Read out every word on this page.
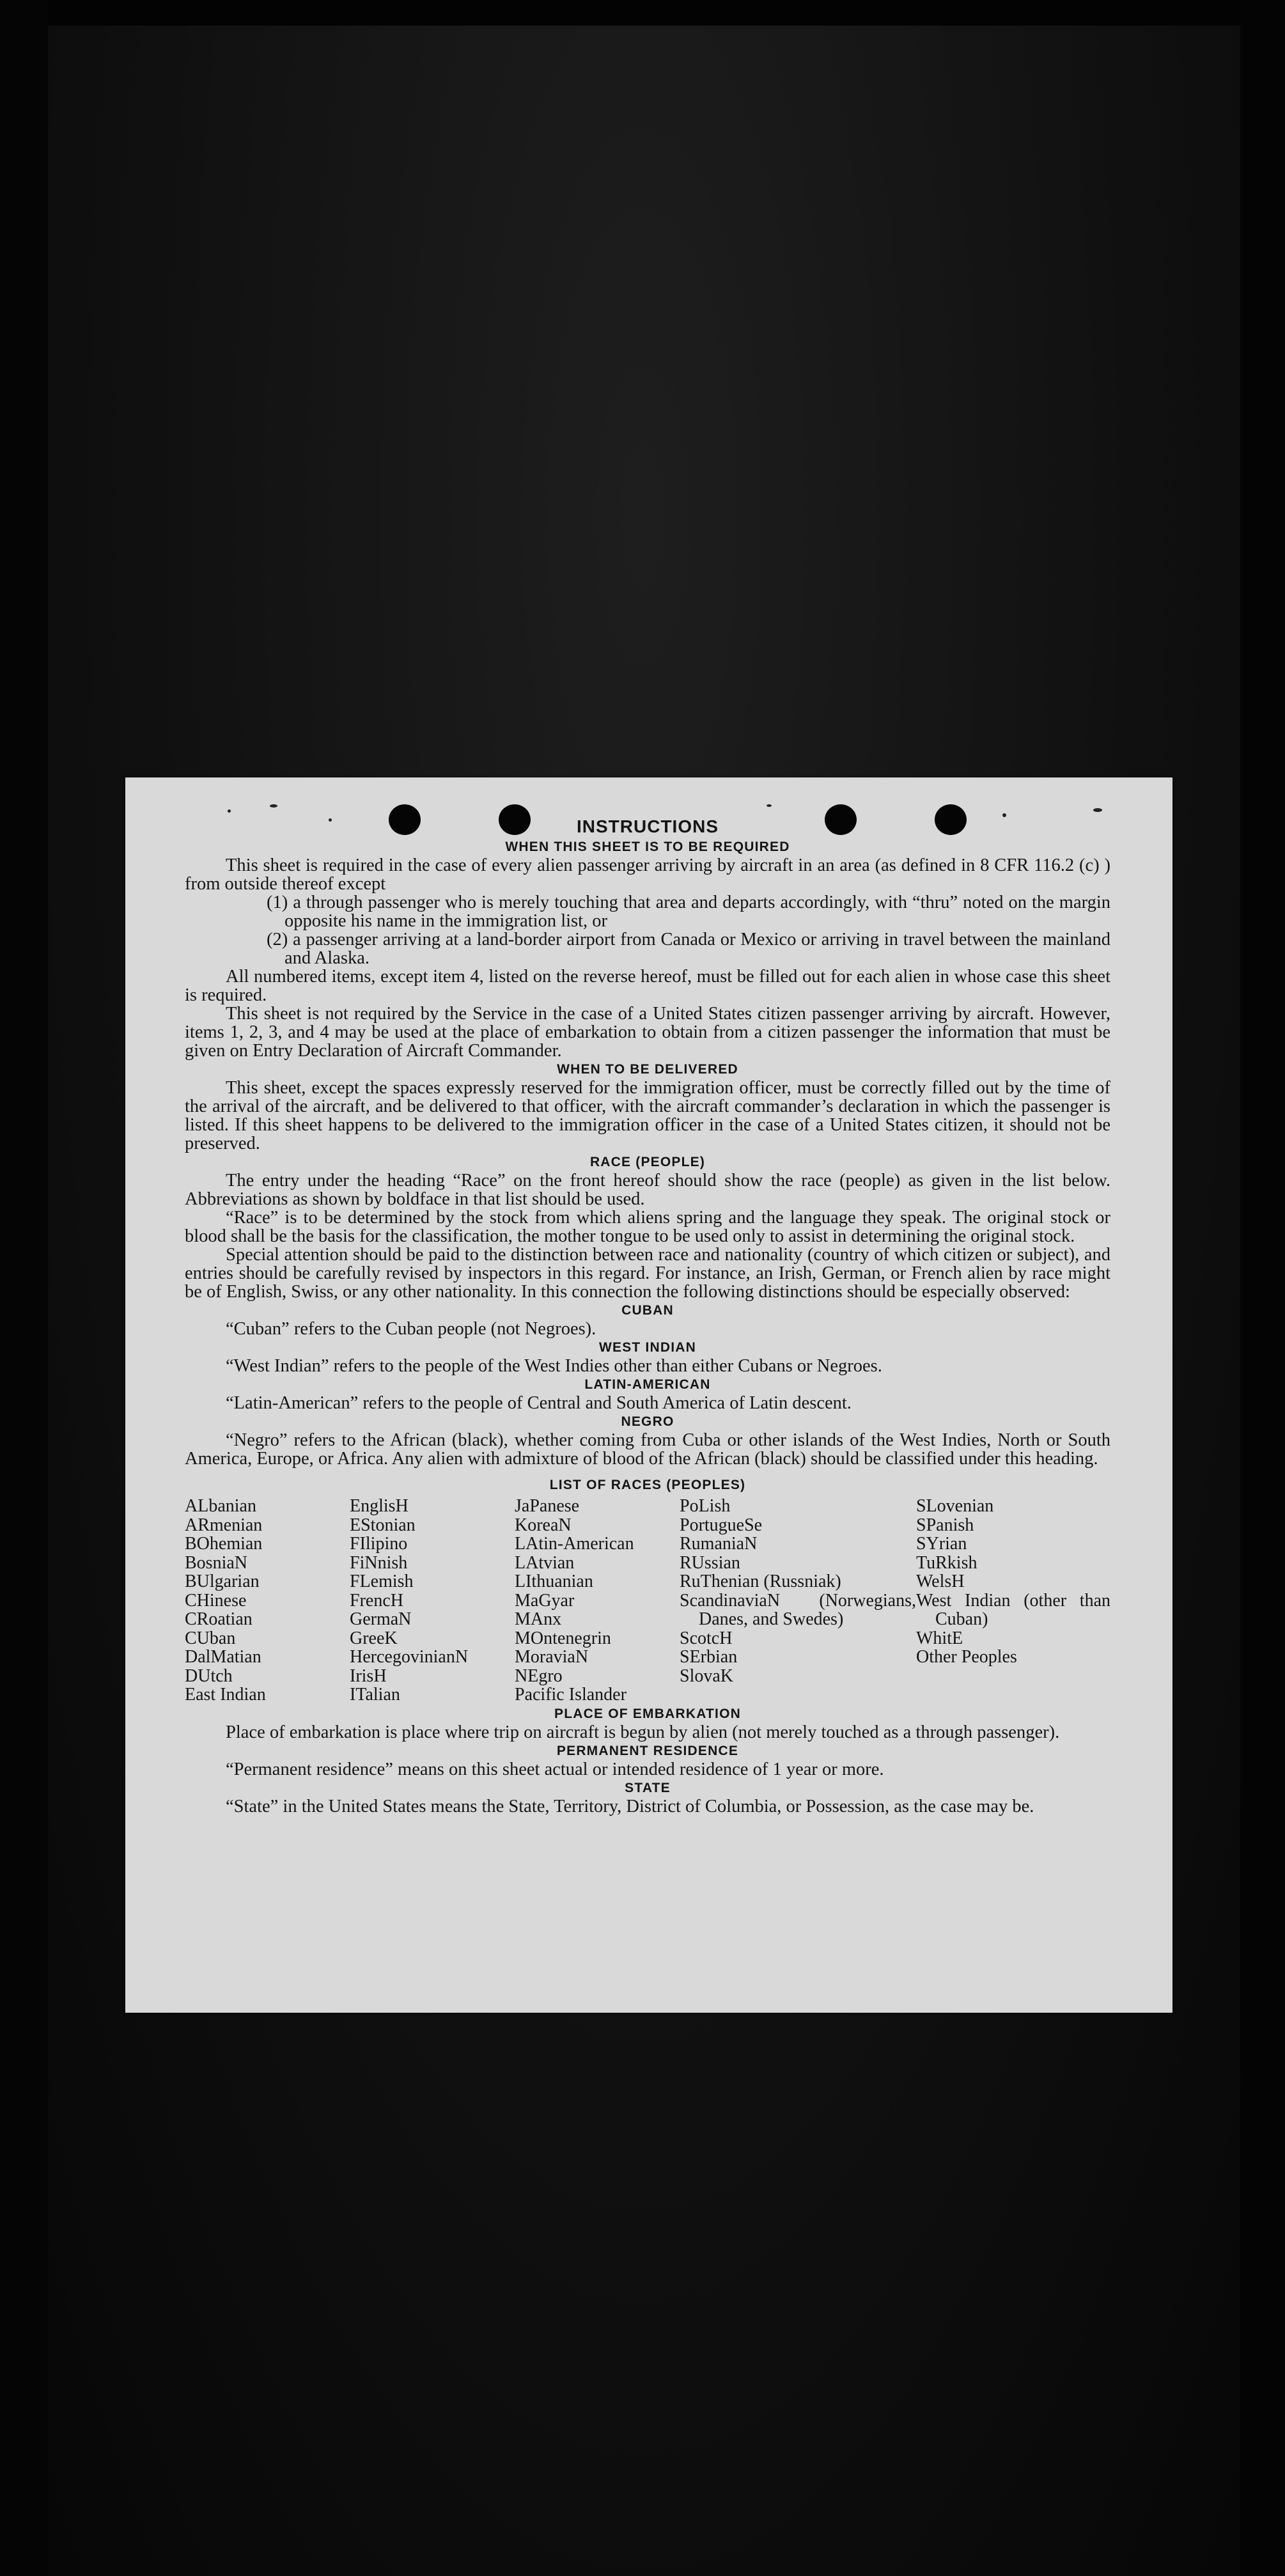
INSTRUCTIONS
WHEN THIS SHEET IS TO BE REQUIRED

This sheet is required in the case of every alien passenger arriving by aircraft in an area (as defined in 8 CFR 116.2 (c) ) from outside thereof except

(1) a through passenger who is merely touching that area and departs accordingly, with “thru” noted on the margin opposite his name in the immigration list, or
(2) a passenger arriving at a land-border airport from Canada or Mexico or arriving in travel between the mainland and Alaska.

All numbered items, except item 4, listed on the reverse hereof, must be filled out for each alien in whose case this sheet is required.

This sheet is not required by the Service in the case of a United States citizen passenger arriving by aircraft. However, items 1, 2, 3, and 4 may be used at the place of embarkation to obtain from a citizen passenger the information that must be given on Entry Declaration of Aircraft Commander.

WHEN TO BE DELIVERED

This sheet, except the spaces expressly reserved for the immigration officer, must be correctly filled out by the time of the arrival of the aircraft, and be delivered to that officer, with the aircraft commander’s declaration in which the passenger is listed. If this sheet happens to be delivered to the immigration officer in the case of a United States citizen, it should not be preserved.

RACE (PEOPLE)

The entry under the heading “Race” on the front hereof should show the race (people) as given in the list below. Abbreviations as shown by boldface in that list should be used.

“Race” is to be determined by the stock from which aliens spring and the language they speak. The original stock or blood shall be the basis for the classification, the mother tongue to be used only to assist in determining the original stock.

Special attention should be paid to the distinction between race and nationality (country of which citizen or subject), and entries should be carefully revised by inspectors in this regard. For instance, an Irish, German, or French alien by race might be of English, Swiss, or any other nationality. In this connection the following distinctions should be especially observed:

CUBAN

“Cuban” refers to the Cuban people (not Negroes).

WEST INDIAN

“West Indian” refers to the people of the West Indies other than either Cubans or Negroes.

LATIN-AMERICAN

“Latin-American” refers to the people of Central and South America of Latin descent.

NEGRO

“Negro” refers to the African (black), whether coming from Cuba or other islands of the West Indies, North or South America, Europe, or Africa. Any alien with admixture of blood of the African (black) should be classified under this heading.

LIST OF RACES (PEOPLES)
ALbanian
ARmenian
BOhemian
BosniaN
BUlgarian
CHinese
CRoatian
CUban
DalMatian
DUtch
East Indian
EnglisH
EStonian
FIlipino
FiNnish
FLemish
FrencH
GermaN
GreeK
HercegovinianN
IrisH
ITalian
JaPanese
KoreaN
LAtin-American
LAtvian
LIthuanian
MaGyar
MAnx
MOntenegrin
MoraviaN
NEgro
Pacific Islander
PoLish
PortugueSe
RumaniaN
RUssian
RuThenian (Russniak)
ScandinaviaN (Norwegians, Danes, and Swedes)
ScotcH
SErbian
SlovaK
SLovenian
SPanish
SYrian
TuRkish
WelsH
West Indian (other than Cuban)
WhitE
Other Peoples
PLACE OF EMBARKATION

Place of embarkation is place where trip on aircraft is begun by alien (not merely touched as a through passenger).

PERMANENT RESIDENCE

“Permanent residence” means on this sheet actual or intended residence of 1 year or more.

STATE

“State” in the United States means the State, Territory, District of Columbia, or Possession, as the case may be.
